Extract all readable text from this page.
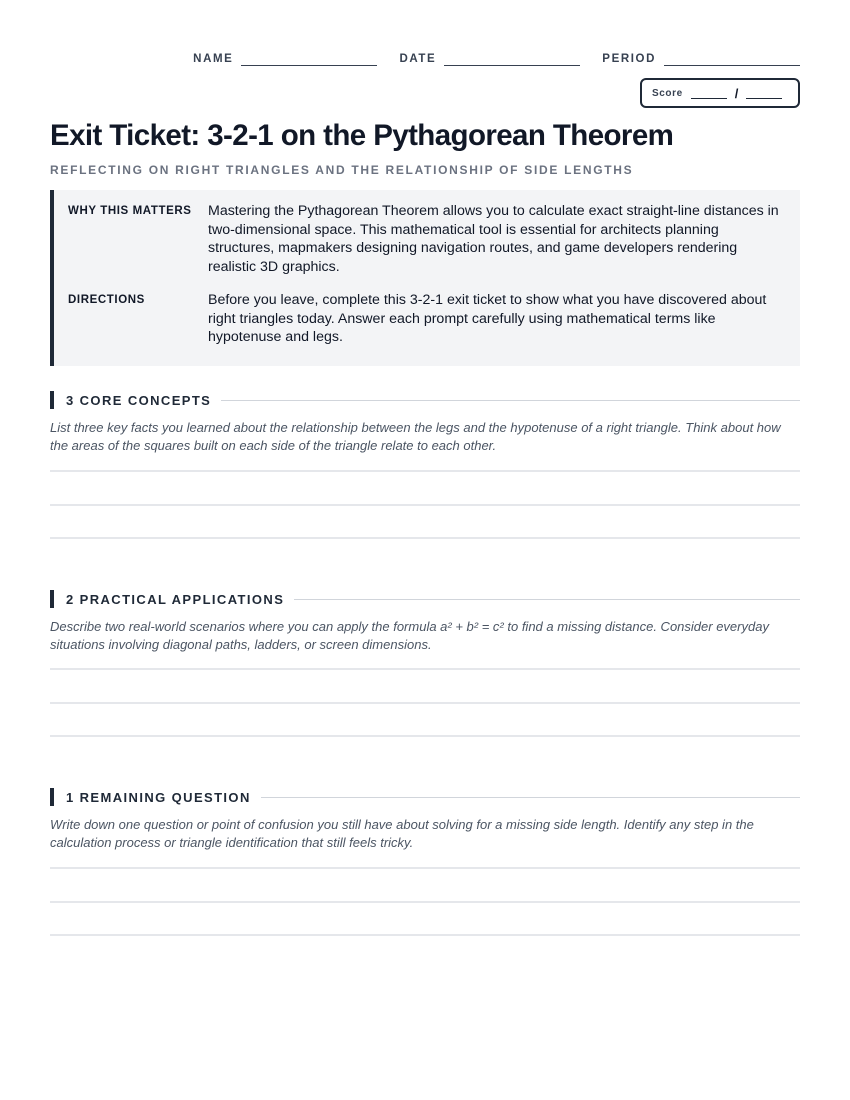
NAME	DATE	PERIOD
Score	/
Exit Ticket: 3-2-1 on the Pythagorean Theorem
REFLECTING ON RIGHT TRIANGLES AND THE RELATIONSHIP OF SIDE LENGTHS
WHY THIS MATTERS	Mastering the Pythagorean Theorem allows you to calculate exact straight-line distances in two-dimensional space. This mathematical tool is essential for architects planning structures, mapmakers designing navigation routes, and game developers rendering realistic 3D graphics.
DIRECTIONS	Before you leave, complete this 3-2-1 exit ticket to show what you have discovered about right triangles today. Answer each prompt carefully using mathematical terms like hypotenuse and legs.
3 CORE CONCEPTS
List three key facts you learned about the relationship between the legs and the hypotenuse of a right triangle. Think about how the areas of the squares built on each side of the triangle relate to each other.
2 PRACTICAL APPLICATIONS
Describe two real-world scenarios where you can apply the formula a² + b² = c² to find a missing distance. Consider everyday situations involving diagonal paths, ladders, or screen dimensions.
1 REMAINING QUESTION
Write down one question or point of confusion you still have about solving for a missing side length. Identify any step in the calculation process or triangle identification that still feels tricky.
